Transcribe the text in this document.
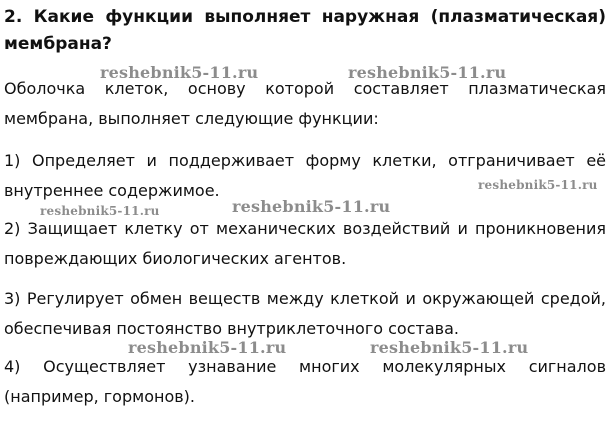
2. Какие функции выполняет наружная (плазматическая) мембрана?
Оболочка клеток, основу которой составляет плазматическая мембрана, выполняет следующие функции:
1) Определяет и поддерживает форму клетки, отграничивает её внутреннее содержимое.
2) Защищает клетку от механических воздействий и проникновения повреждающих биологических агентов.
3) Регулирует обмен веществ между клеткой и окружающей средой, обеспечивая постоянство внутриклеточного состава.
4) Осуществляет узнавание многих молекулярных сигналов (например, гормонов).
reshebnik5-11.ru	reshebnik5-11.ru
reshebnik5-11.ru
reshebnik5-11.ru
reshebnik5-11.ru
reshebnik5-11.ru	reshebnik5-11.ru
